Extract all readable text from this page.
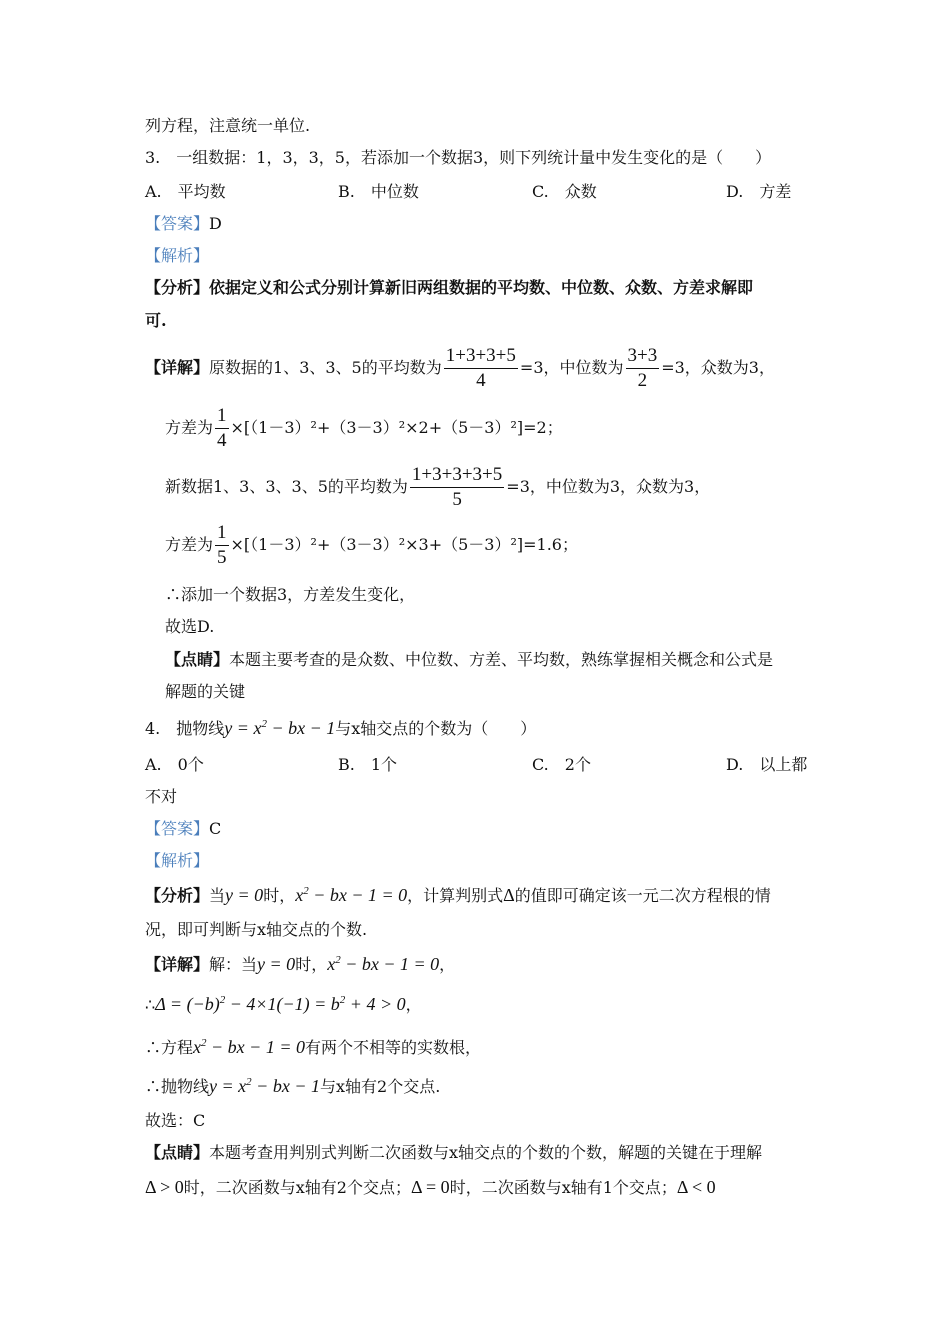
列方程，注意统一单位.
3.　一组数据：1，3，3，5，若添加一个数据3，则下列统计量中发生变化的是（　　）
A.　平均数	B.　中位数	C.　众数	D.　方差
【答案】D
【解析】
【分析】依据定义和公式分别计算新旧两组数据的平均数、中位数、众数、方差求解即
可.
【详解】原数据的1、3、3、5的平均数为 $\frac{1+3+3+5}{4} =3$，中位数为 $\frac{3+3}{2} =3$，众数为3，
方差为 $\frac{1}{4} \times[(1-3)^2+(3-3)^2\times 2+(5-3)^2]=2$；
新数据1、3、3、3、5的平均数为 $\frac{1+3+3+3+5}{5} =3$，中位数为3，众数为3，
方差为 $\frac{1}{5} \times[(1-3)^2+(3-3)^2\times 3+(5-3)^2]=1.6$；
∴添加一个数据3，方差发生变化，
故选D.
【点睛】本题主要考查的是众数、中位数、方差、平均数，熟练掌握相关概念和公式是
解题的关键
4.　抛物线$y = x^2$ − bx − 1与x轴交点的个数为（　　）
A.　0个	B.　1个	C.　2个	D.　以上都
不对
【答案】C
【解析】
【分析】当y = 0时，$x^2$ − bx − 1 = 0，计算判别式Δ的值即可确定该一元二次方程根的情
况，即可判断与x轴交点的个数.
【详解】解：当y = 0时，$x^2$ − bx − 1 = 0，
∴Δ = $(-b)^2 - 4\times 1(-1) = b^2 + 4 > 0$，
∴方程$x^2$ − bx − 1 = 0有两个不相等的实数根，
∴抛物线$y = x^2$ − bx − 1与x轴有2个交点.
故选：C
【点睛】本题考查用判别式判断二次函数与x轴交点的个数的个数，解题的关键在于理解
Δ > 0时，二次函数与x轴有2个交点；Δ = 0时，二次函数与x轴有1个交点；Δ < 0
